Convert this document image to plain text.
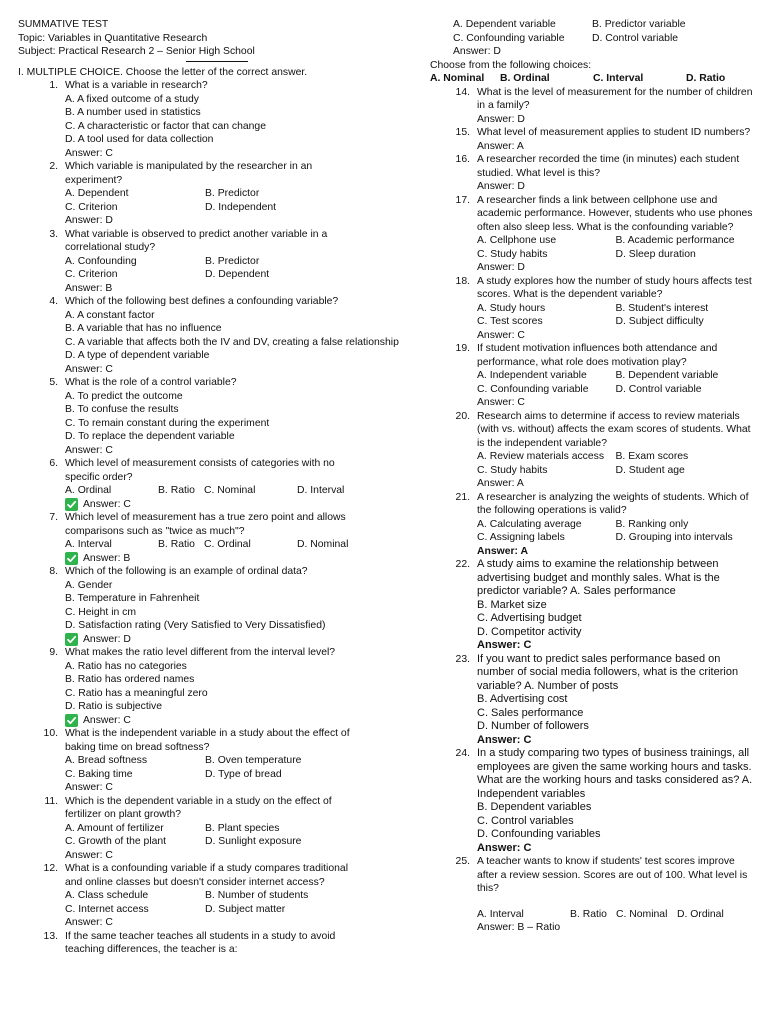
SUMMATIVE TEST
Topic: Variables in Quantitative Research
Subject: Practical Research 2 – Senior High School
I. MULTIPLE CHOICE. Choose the letter of the correct answer.
1. What is a variable in research?
A. A fixed outcome of a study
B. A number used in statistics
C. A characteristic or factor that can change
D. A tool used for data collection
Answer: C
2. Which variable is manipulated by the researcher in an experiment?
A. Dependent	B. Predictor
C. Criterion	D. Independent
Answer: D
3. What variable is observed to predict another variable in a correlational study?
A. Confounding	B. Predictor
C. Criterion	D. Dependent
Answer: B
4. Which of the following best defines a confounding variable?
A. A constant factor
B. A variable that has no influence
C. A variable that affects both the IV and DV, creating a false relationship
D. A type of dependent variable
Answer: C
5. What is the role of a control variable?
A. To predict the outcome
B. To confuse the results
C. To remain constant during the experiment
D. To replace the dependent variable
Answer: C
6. Which level of measurement consists of categories with no specific order?
A. Ordinal	B. Ratio C. Nominal	D. Interval
Answer: C
7. Which level of measurement has a true zero point and allows comparisons such as "twice as much"?
A. Interval	B. Ratio C. Ordinal	D. Nominal
Answer: B
8. Which of the following is an example of ordinal data?
A. Gender
B. Temperature in Fahrenheit
C. Height in cm
D. Satisfaction rating (Very Satisfied to Very Dissatisfied)
Answer: D
9. What makes the ratio level different from the interval level?
A. Ratio has no categories
B. Ratio has ordered names
C. Ratio has a meaningful zero
D. Ratio is subjective
Answer: C
10. What is the independent variable in a study about the effect of baking time on bread softness?
A. Bread softness	B. Oven temperature
C. Baking time	D. Type of bread
Answer: C
11. Which is the dependent variable in a study on the effect of fertilizer on plant growth?
A. Amount of fertilizer	B. Plant species
C. Growth of the plant	D. Sunlight exposure
Answer: C
12. What is a confounding variable if a study compares traditional and online classes but doesn't consider internet access?
A. Class schedule	B. Number of students
C. Internet access	D. Subject matter
Answer: C
13. If the same teacher teaches all students in a study to avoid teaching differences, the teacher is a:
A. Dependent variable	B. Predictor variable
C. Confounding variable	D. Control variable
Answer: D
Choose from the following choices:
A. Nominal	B. Ordinal	C. Interval	D. Ratio
14. What is the level of measurement for the number of children in a family?
Answer: D
15. What level of measurement applies to student ID numbers?
Answer: A
16. A researcher recorded the time (in minutes) each student studied. What level is this?
Answer: D
17. A researcher finds a link between cellphone use and academic performance. However, students who use phones often also sleep less. What is the confounding variable?
A. Cellphone use	B. Academic performance
C. Study habits	D. Sleep duration
Answer: D
18. A study explores how the number of study hours affects test scores. What is the dependent variable?
A. Study hours	B. Student's interest
C. Test scores	D. Subject difficulty
Answer: C
19. If student motivation influences both attendance and performance, what role does motivation play?
A. Independent variable	B. Dependent variable
C. Confounding variable	D. Control variable
Answer: C
20. Research aims to determine if access to review materials (with vs. without) affects the exam scores of students. What is the independent variable?
A. Review materials access	B. Exam scores
C. Study habits	D. Student age
Answer: A
21. A researcher is analyzing the weights of students. Which of the following operations is valid?
A. Calculating average	B. Ranking only
C. Assigning labels	D. Grouping into intervals
Answer: A
22. A study aims to examine the relationship between advertising budget and monthly sales. What is the predictor variable? A. Sales performance
B. Market size
C. Advertising budget
D. Competitor activity
Answer: C
23. If you want to predict sales performance based on number of social media followers, what is the criterion variable? A. Number of posts
B. Advertising cost
C. Sales performance
D. Number of followers
Answer: C
24. In a study comparing two types of business trainings, all employees are given the same working hours and tasks. What are the working hours and tasks considered as? A. Independent variables
B. Dependent variables
C. Control variables
D. Confounding variables
Answer: C
25. A teacher wants to know if students' test scores improve after a review session. Scores are out of 100. What level is this?
A. Interval	B. Ratio C. Nominal D. Ordinal
Answer: B – Ratio
